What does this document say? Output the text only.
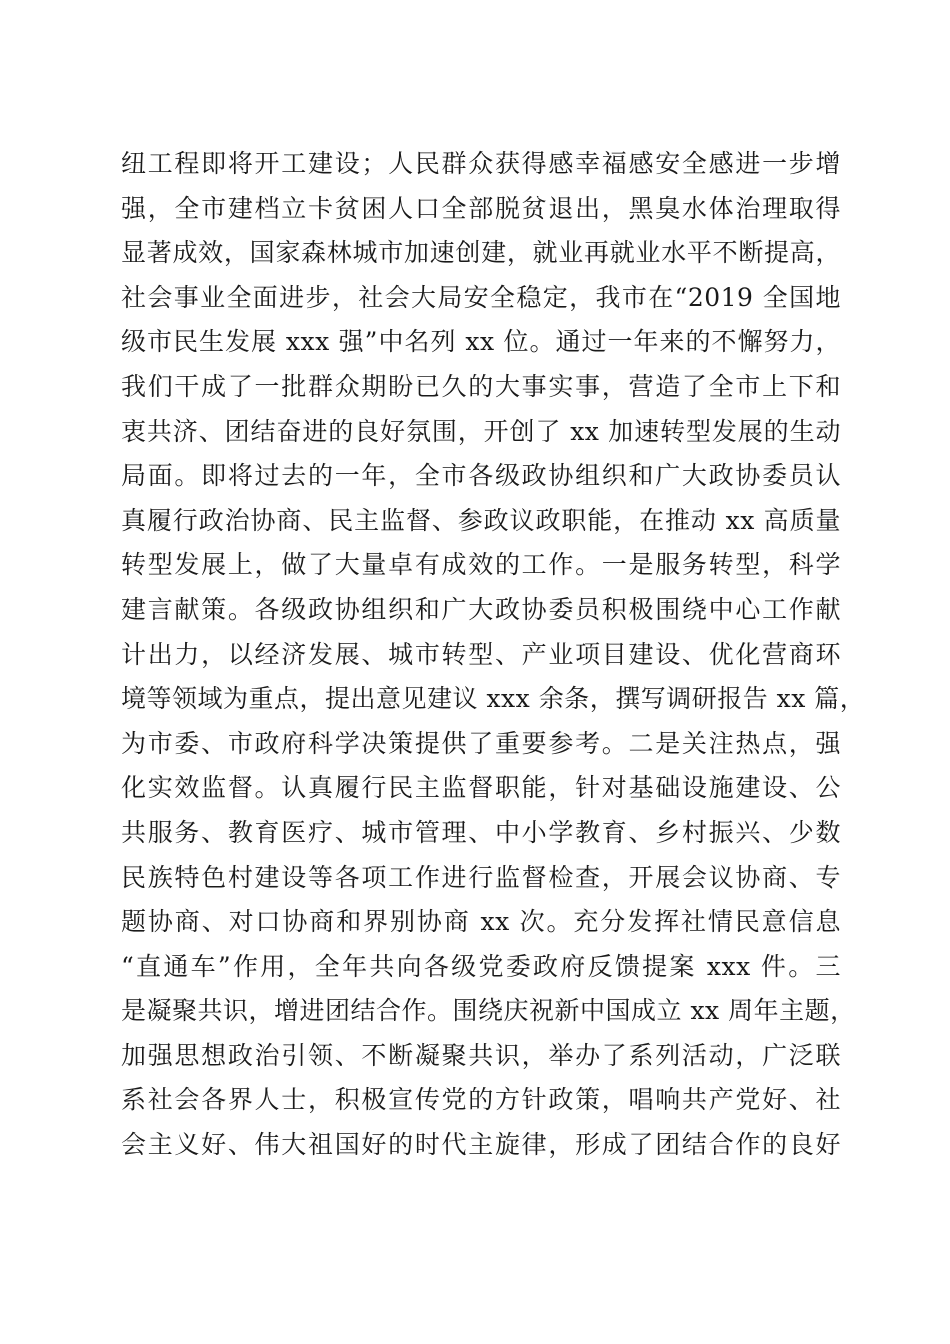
纽工程即将开工建设；人民群众获得感幸福感安全感进一步增
强，全市建档立卡贫困人口全部脱贫退出，黑臭水体治理取得
显著成效，国家森林城市加速创建，就业再就业水平不断提高，
社会事业全面进步，社会大局安全稳定，我市在“2019 全国地
级市民生发展 xxx 强”中名列 xx 位。通过一年来的不懈努力，
我们干成了一批群众期盼已久的大事实事，营造了全市上下和
衷共济、团结奋进的良好氛围，开创了 xx 加速转型发展的生动
局面。即将过去的一年，全市各级政协组织和广大政协委员认
真履行政治协商、民主监督、参政议政职能，在推动 xx 高质量
转型发展上，做了大量卓有成效的工作。一是服务转型，科学
建言献策。各级政协组织和广大政协委员积极围绕中心工作献
计出力，以经济发展、城市转型、产业项目建设、优化营商环
境等领域为重点，提出意见建议 xxx 余条，撰写调研报告 xx 篇，
为市委、市政府科学决策提供了重要参考。二是关注热点，强
化实效监督。认真履行民主监督职能，针对基础设施建设、公
共服务、教育医疗、城市管理、中小学教育、乡村振兴、少数
民族特色村建设等各项工作进行监督检查，开展会议协商、专
题协商、对口协商和界别协商 xx 次。充分发挥社情民意信息
“直通车”作用，全年共向各级党委政府反馈提案 xxx 件。三
是凝聚共识，增进团结合作。围绕庆祝新中国成立 xx 周年主题，
加强思想政治引领、不断凝聚共识，举办了系列活动，广泛联
系社会各界人士，积极宣传党的方针政策，唱响共产党好、社
会主义好、伟大祖国好的时代主旋律，形成了团结合作的良好
